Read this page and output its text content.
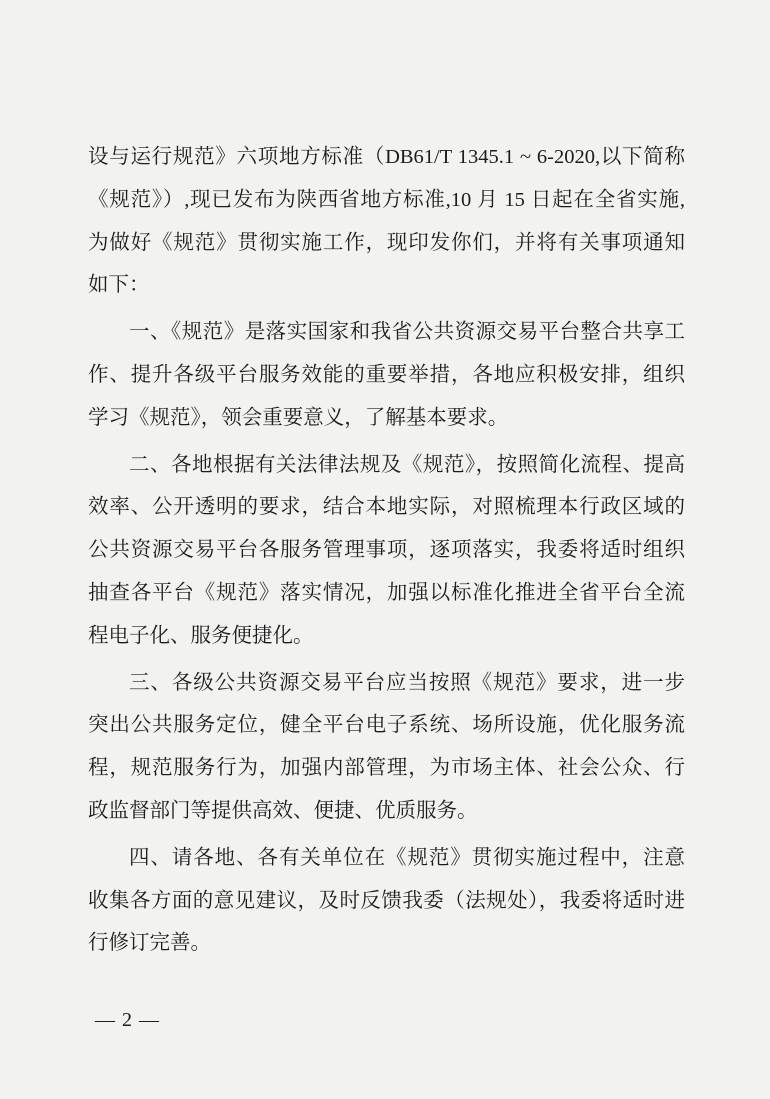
设与运行规范》六项地方标准（DB61/T 1345.1 ~ 6-2020,以下简称
《规范》）,现已发布为陕西省地方标准,10 月 15 日起在全省实施,
为做好《规范》贯彻实施工作，现印发你们，并将有关事项通知
如下：
一、《规范》是落实国家和我省公共资源交易平台整合共享工
作、提升各级平台服务效能的重要举措，各地应积极安排，组织
学习《规范》，领会重要意义，了解基本要求。
二、各地根据有关法律法规及《规范》，按照简化流程、提高
效率、公开透明的要求，结合本地实际，对照梳理本行政区域的
公共资源交易平台各服务管理事项，逐项落实，我委将适时组织
抽查各平台《规范》落实情况，加强以标准化推进全省平台全流
程电子化、服务便捷化。
三、各级公共资源交易平台应当按照《规范》要求，进一步
突出公共服务定位，健全平台电子系统、场所设施，优化服务流
程，规范服务行为，加强内部管理，为市场主体、社会公众、行
政监督部门等提供高效、便捷、优质服务。
四、请各地、各有关单位在《规范》贯彻实施过程中，注意
收集各方面的意见建议，及时反馈我委（法规处），我委将适时进
行修订完善。
— 2 —
